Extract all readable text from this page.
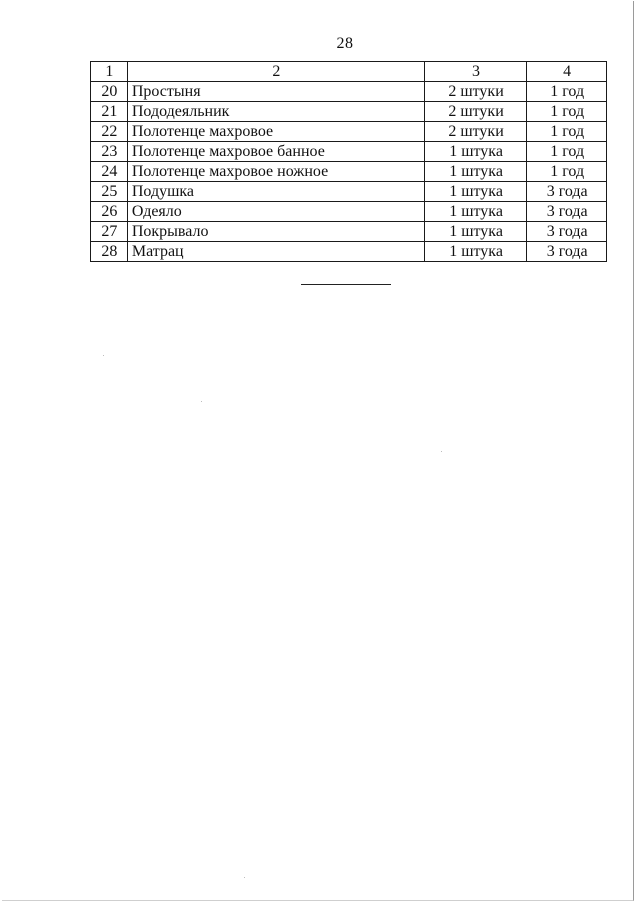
28
1	2	3	4
20	Простыня	2 штуки	1 год
21	Пододеяльник	2 штуки	1 год
22	Полотенце махровое	2 штуки	1 год
23	Полотенце махровое банное	1 штука	1 год
24	Полотенце махровое ножное	1 штука	1 год
25	Подушка	1 штука	3 года
26	Одеяло	1 штука	3 года
27	Покрывало	1 штука	3 года
28	Матрац	1 штука	3 года
